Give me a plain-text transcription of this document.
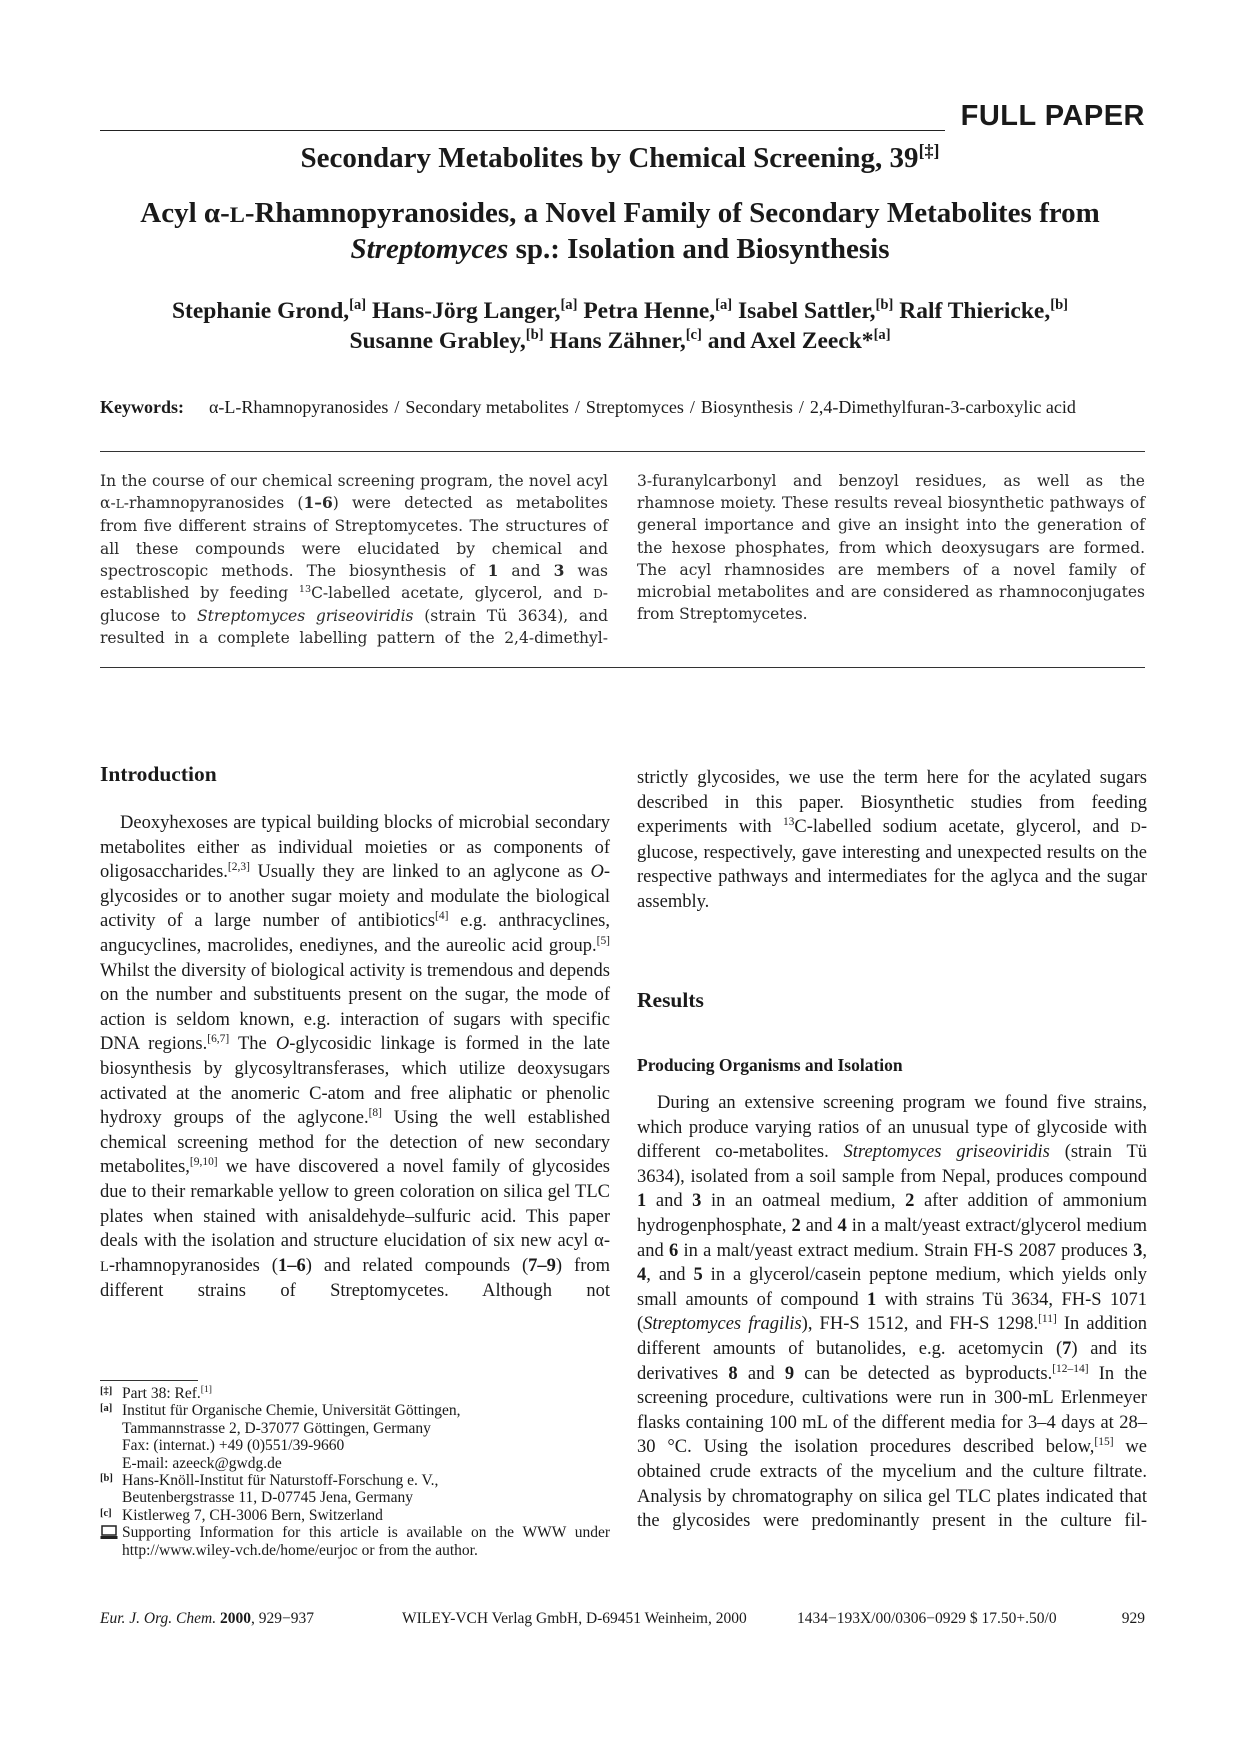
FULL PAPER
Secondary Metabolites by Chemical Screening, 39[‡]
Acyl α-L-Rhamnopyranosides, a Novel Family of Secondary Metabolites from
Streptomyces sp.: Isolation and Biosynthesis
Stephanie Grond,[a] Hans-Jörg Langer,[a] Petra Henne,[a] Isabel Sattler,[b] Ralf Thiericke,[b]
Susanne Grabley,[b] Hans Zähner,[c] and Axel Zeeck*[a]
Keywords: α-L-Rhamnopyranosides / Secondary metabolites / Streptomyces / Biosynthesis / 2,4-Dimethylfuran-3-carboxylic acid
In the course of our chemical screening program, the novel acyl α-L-rhamnopyranosides (1–6) were detected as metabolites from five different strains of Streptomycetes. The structures of all these compounds were elucidated by chemical and spectroscopic methods. The biosynthesis of 1 and 3 was established by feeding $^{13}$C-labelled acetate, glycerol, and D-glucose to Streptomyces griseoviridis (strain Tü 3634), and resulted in a complete labelling pattern of the 2,4-dimethyl-
3-furanylcarbonyl and benzoyl residues, as well as the rhamnose moiety. These results reveal biosynthetic pathways of general importance and give an insight into the generation of the hexose phosphates, from which deoxysugars are formed. The acyl rhamnosides are members of a novel family of microbial metabolites and are considered as rhamnoconjugates from Streptomycetes.
Introduction

Deoxyhexoses are typical building blocks of microbial secondary metabolites either as individual moieties or as components of oligosaccharides.[2,3] Usually they are linked to an aglycone as O-glycosides or to another sugar moiety and modulate the biological activity of a large number of antibiotics[4] e.g. anthracyclines, angucyclines, macrolides, enediynes, and the aureolic acid group.[5] Whilst the diversity of biological activity is tremendous and depends on the number and substituents present on the sugar, the mode of action is seldom known, e.g. interaction of sugars with specific DNA regions.[6,7] The O-glycosidic linkage is formed in the late biosynthesis by glycosyltransferases, which utilize deoxysugars activated at the anomeric C-atom and free aliphatic or phenolic hydroxy groups of the aglycone.[8] Using the well established chemical screening method for the detection of new secondary metabolites,[9,10] we have discovered a novel family of glycosides due to their remarkable yellow to green coloration on silica gel TLC plates when stained with anisaldehyde–sulfuric acid. This paper deals with the isolation and structure elucidation of six new acyl α-L-rhamnopyranosides (1–6) and related compounds (7–9) from different strains of Streptomycetes. Although not

[‡] Part 38: Ref.[1]
[a] Institut für Organische Chemie, Universität Göttingen,
Tammannstrasse 2, D-37077 Göttingen, Germany
Fax: (internat.) +49 (0)551/39-9660
E-mail: azeeck@gwdg.de
[b] Hans-Knöll-Institut für Naturstoff-Forschung e. V.,
Beutenbergstrasse 11, D-07745 Jena, Germany
[c] Kistlerweg 7, CH-3006 Bern, Switzerland
Supporting Information for this article is available on the WWW under http://www.wiley-vch.de/home/eurjoc or from the author.

strictly glycosides, we use the term here for the acylated sugars described in this paper. Biosynthetic studies from feeding experiments with $^{13}$C-labelled sodium acetate, glycerol, and D-glucose, respectively, gave interesting and unexpected results on the respective pathways and intermediates for the aglyca and the sugar assembly.

Results
Producing Organisms and Isolation

During an extensive screening program we found five strains, which produce varying ratios of an unusual type of glycoside with different co-metabolites. Streptomyces griseoviridis (strain Tü 3634), isolated from a soil sample from Nepal, produces compound 1 and 3 in an oatmeal medium, 2 after addition of ammonium hydrogenphosphate, 2 and 4 in a malt/yeast extract/glycerol medium and 6 in a malt/yeast extract medium. Strain FH-S 2087 produces 3, 4, and 5 in a glycerol/casein peptone medium, which yields only small amounts of compound 1 with strains Tü 3634, FH-S 1071 (Streptomyces fragilis), FH-S 1512, and FH-S 1298.[11] In addition different amounts of butanolides, e.g. acetomycin (7) and its derivatives 8 and 9 can be detected as byproducts.[12–14] In the screening procedure, cultivations were run in 300-mL Erlenmeyer flasks containing 100 mL of the different media for 3–4 days at 28–30 °C. Using the isolation procedures described below,[15] we obtained crude extracts of the mycelium and the culture filtrate. Analysis by chromatography on silica gel TLC plates indicated that the glycosides were predominantly present in the culture fil-

Eur. J. Org. Chem. 2000, 929−937	WILEY-VCH Verlag GmbH, D-69451 Weinheim, 2000	1434−193X/00/0306−0929 $ 17.50+.50/0	929
